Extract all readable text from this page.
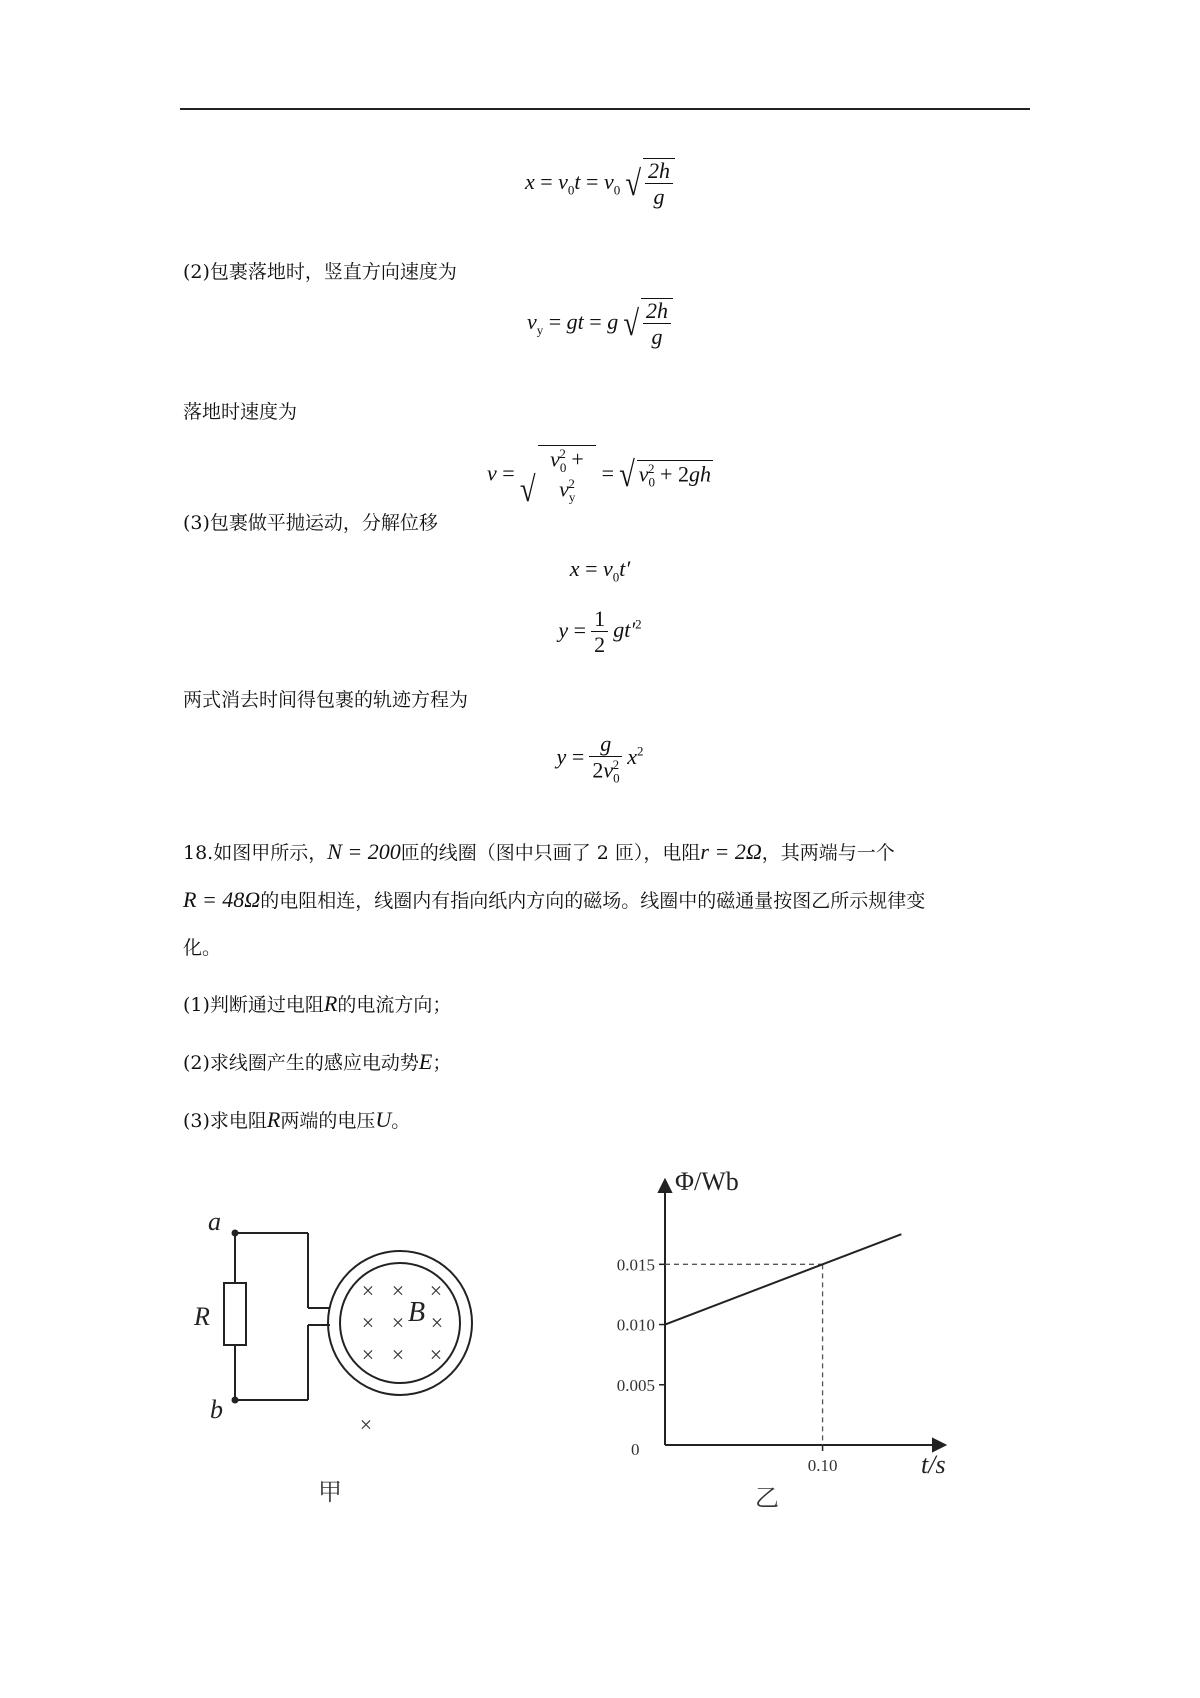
$x = v_0t = v_0$ √ $\frac{2h}{g}$
(2)包裹落地时，竖直方向速度为
$v_y$ = gt = g √ $\frac{2h}{g}$
落地时速度为
$v = √v_0^2 + v_y^2$ = √ $v_0^2 + 2gh$
(3)包裹做平抛运动，分解位移
$x = v_0t'$
$y = \frac{1}{2} gt'^2$
两式消去时间得包裹的轨迹方程为
$y = \frac{g}{2v_0^2} x^2$
18.如图甲所示，N = 200匝的线圈（图中只画了 2 匝），电阻r = 2Ω，其两端与一个
R = 48Ω的电阻相连，线圈内有指向纸内方向的磁场。线圈中的磁通量按图乙所示规律变
化。
(1)判断通过电阻R的电流方向；
(2)求线圈产生的感应电动势E；
(3)求电阻R两端的电压U。
a
b
R	B
× × ×
× × ×
× × ×
×
甲
0.005
0.010
0.015
0
0.10
Φ/Wb
t/s
乙
